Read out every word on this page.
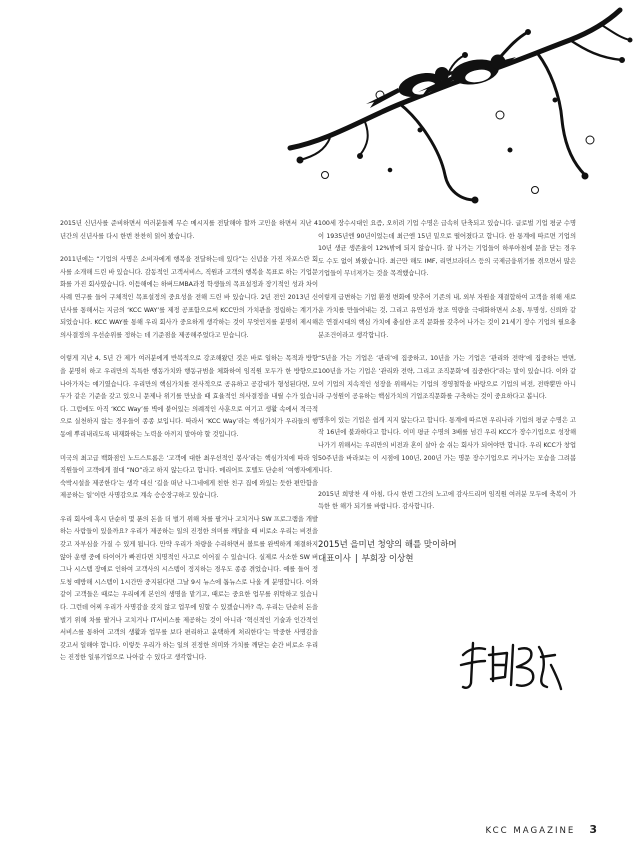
2015년 신년사를 준비하면서 여러분들께 무슨 메시지를 전달해야 할까 고민을 하면서 지난 4년간의 신년사를 다시 한번 찬찬히 읽어 봤습니다.

2011년에는 “기업의 사명은 소비자에게 행복을 전달하는데 있다”는 신념을 가진 자포스란 회사를 소개해 드린 바 있습니다. 감동적인 고객서비스, 직원과 고객의 행복을 목표로 하는 기업문화를 가진 회사였습니다. 이듬해에는 하버드MBA과정 학생들의 목표설정과 장기적인 성과 차이 사례 연구를 들어 구체적인 목표설정의 중요성을 전해 드린 바 있습니다. 2년 전인 2013년 신년사를 통해서는 지금의 ‘KCC WAY’를 제정 공표함으로써 KCC만의 가치관을 정립하는 계기가 되었습니다. KCC WAY를 통해 우리 회사가 중요하게 생각하는 것이 무엇인지를 분명히 제시해 의사결정의 우선순위를 정하는 데 기준점을 제공해주었다고 믿습니다.

이렇게 지난 4, 5년 간 제가 여러분에게 반복적으로 강조해왔던 것은 바로 일하는 목적과 방향을 분명히 하고 우리만의 독특한 행동가치와 행동규범을 체화하여 임직원 모두가 한 방향으로 나아가자는 얘기였습니다. 우리만의 핵심가치를 전사적으로 공유하고 공감대가 형성된다면, 모두가 같은 기준을 갖고 있으니 문제나 위기를 만났을 때 효율적인 의사결정을 내릴 수가 있습니다. 그럼에도 아직 ‘KCC Way’를 벽에 붙어있는 의례적인 사훈으로 여기고 생활 속에서 적극적으로 실천하지 않는 경우들이 종종 보입니다. 따라서 ‘KCC Way’라는 핵심가치가 우리들의 행동에 뿌리내리도록 내재화하는 노력을 아끼지 말아야 할 것입니다.

미국의 최고급 백화점인 노드스트롬은 ‘고객에 대한 최우선적인 봉사’라는 핵심가치에 따라 임직원들이 고객에게 절대 “NO”라고 하지 않는다고 합니다. 메리어트 호텔도 단순히 ‘여행자에게 숙박시설을 제공한다’는 생각 대신 ‘길을 떠난 나그네에게 친한 친구 집에 와있는 듯한 편안함을 제공하는 일’이란 사명감으로 계속 승승장구하고 있습니다.

우리 회사에 혹시 단순히 몇 푼의 돈을 더 벌기 위해 차를 팔거나 고치거나 SW 프로그램을 개발하는 사람들이 있을까요? 우리가 제공하는 일의 진정한 의미를 깨달을 때 비로소 우리는 비전을 갖고 자부심을 가질 수 있게 됩니다. 만약 우리가 차량을 수리하면서 볼트를 완벽하게 채결하지 않아 운행 중에 타이어가 빠진다면 치명적인 사고로 이어질 수 있습니다. 실제로 사소한 SW 버그나 시스템 장애로 인하여 고객사의 시스템이 정지하는 경우도 종종 겪었습니다. 예를 들어 정도청 예방해 시스템이 1시간만 중지된다면 그날 9시 뉴스에 톱뉴스로 나올 게 분명합니다. 이와 같이 고객들은 때로는 우리에게 본인의 생명을 맡기고, 때로는 중요한 업무를 위탁하고 있습니다. 그런데 어찌 우리가 사명감을 갖지 않고 업무에 임할 수 있겠습니까? 즉, 우리는 단순히 돈을 벌기 위해 차를 팔거나 고치거나 IT서비스를 제공하는 것이 아니라 ‘혁신적인 기술과 인간적인 서비스를 통하여 고객의 생활과 업무를 보다 편리하고 윤택하게 처리한다’는 막중한 사명감을 갖고서 일해야 합니다. 이렇듯 우리가 하는 일의 진정한 의미와 가치를 깨닫는 순간 비로소 우리는 진정한 일류기업으로 나아갈 수 있다고 생각합니다.

100세 장수시대인 요즘, 오히려 기업 수명은 급속히 단축되고 있습니다. 글로벌 기업 평균 수명이 1935년엔 90년이었는데 최근엔 15년 밑으로 떨어졌다고 합니다. 한 통계에 따르면 기업의 10년 생균 생존율이 12%밖에 되지 않습니다. 잘 나가는 기업들이 하루아침에 문을 닫는 경우도 수도 없이 봐왔습니다. 최근만 해도 IMF, 리먼브라더스 등의 국제금융위기를 겪으면서 많은 기업들이 무너져가는 것을 목격했습니다.

이렇게 급변하는 기업 환경 변화에 맞추어 기존의 내, 외부 자원을 재결합하여 고객을 위해 새로운 가치를 만들어내는 것, 그리고 유연성과 창조 역량을 극대화하면서 소통, 투명성, 신뢰와 같은 연결시대의 핵심 가치에 충실한 조직 문화를 갖추어 나가는 것이 21세기 장수 기업의 필요충분조건이라고 생각합니다.

“5년을 가는 기업은 ‘관리’에 집중하고, 10년을 가는 기업은 ‘관리와 전략’에 집중하는 반면, 100년을 가는 기업은 ‘관리와 전략, 그리고 조직문화’에 집중한다”라는 말이 있습니다. 이와 같이 기업의 지속적인 성장을 위해서는 기업의 경영철학을 바탕으로 기업의 비전, 전략뿐만 아니라 구성원이 공유하는 핵심가치의 기업조직문화를 구축하는 것이 중요하다고 봅니다.

명후이 있는 기업은 쉽게 지지 않는다고 합니다. 통계에 따르면 우리나라 기업의 평균 수명은 고작 16년에 불과하다고 합니다. 이미 평균 수명의 3배를 넘긴 우리 KCC가 장수기업으로 성장해 나가기 위해서는 우리만의 비전과 혼이 살아 숨 쉬는 회사가 되어야만 합니다. 우리 KCC가 창업 50주년을 바라보는 이 시점에 100년, 200년 가는 명문 장수기업으로 커나가는 모습을 그려봅니다.

2015년 희망찬 새 아침, 다시 한번 그간의 노고에 감사드리며 임직원 여러분 모두에 축복이 가득한 한 해가 되기를 바랍니다. 감사합니다.

2015년 을미년 청양의 해를 맞이하며
대표이사 | 부회장 이상현
KCC MAGAZINE 3
